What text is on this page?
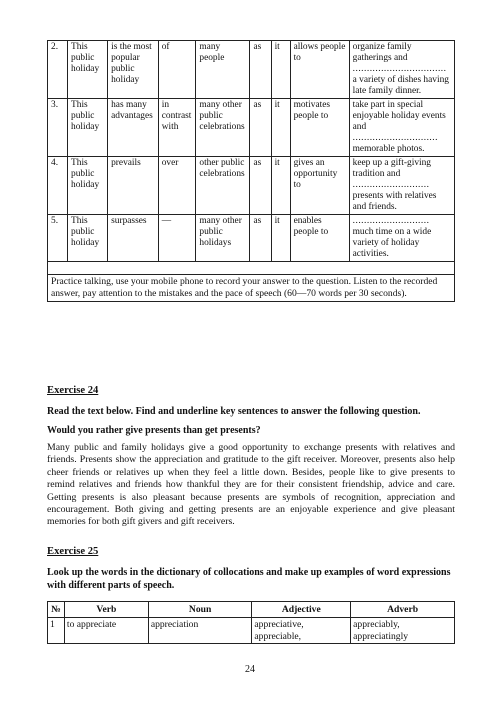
2.	This public holiday	is the most popular public holiday	of	many people	as	it	allows people to	organize family gatherings and
.................................
a variety of dishes having late family dinner.
3.	This public holiday	has many advantages	in contrast with	many other public celebrations	as	it	motivates people to	take part in special enjoyable holiday events and
..............................
memorable photos.
4.	This public holiday	prevails	over	other public celebrations	as	it	gives an opportunity to	keep up a gift-giving tradition and
...........................
presents with relatives and friends.
5.	This public holiday	surpasses	—	many other public holidays	as	it	enables people to	...........................
much time on a wide variety of holiday activities.

Practice talking, use your mobile phone to record your answer to the question. Listen to the recorded answer, pay attention to the mistakes and the pace of speech (60—70 words per 30 seconds).								
Exercise 24
Read the text below. Find and underline key sentences to answer the following question.
Would you rather give presents than get presents?
Many public and family holidays give a good opportunity to exchange presents with relatives and friends. Presents show the appreciation and gratitude to the gift receiver. Moreover, presents also help cheer friends or relatives up when they feel a little down. Besides, people like to give presents to remind relatives and friends how thankful they are for their consistent friendship, advice and care. Getting presents is also pleasant because presents are symbols of recognition, appreciation and encouragement. Both giving and getting presents are an enjoyable experience and give pleasant memories for both gift givers and gift receivers.
Exercise 25
Look up the words in the dictionary of collocations and make up examples of word expressions with different parts of speech.
№	Verb	Noun	Adjective	Adverb
1	to appreciate	appreciation	appreciative, appreciable,	appreciably, appreciatingly
24
